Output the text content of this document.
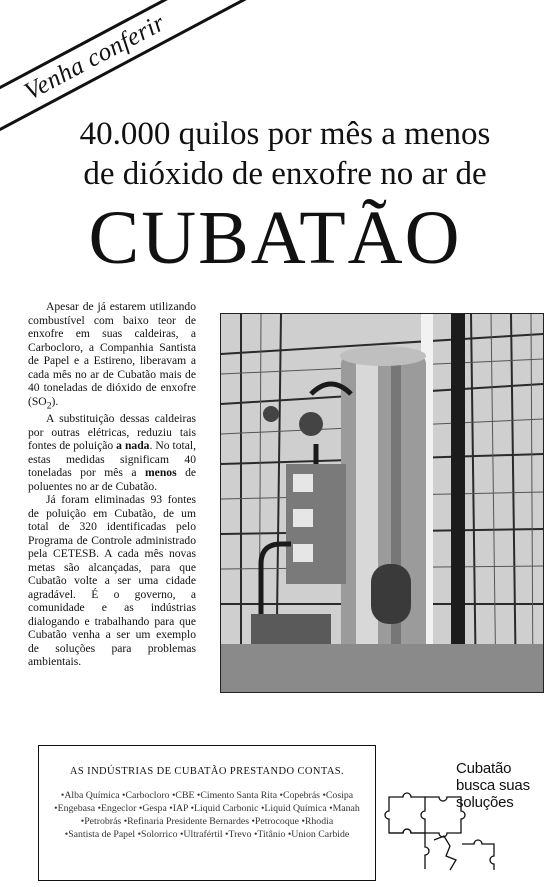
Venha conferir
40.000 quilos por mês a menos
de dióxido de enxofre no ar de
CUBATÃO

Apesar de já estarem utilizando combustível com baixo teor de enxofre em suas caldeiras, a Carbocloro, a Companhia Santista de Papel e a Estireno, liberavam a cada mês no ar de Cubatão mais de 40 toneladas de dióxido de enxofre $(SO_2)$.

A substituição dessas caldeiras por outras elétricas, reduziu tais fontes de poluição a nada. No total, estas medidas significam 40 toneladas por mês a menos de poluentes no ar de Cubatão.

Já foram eliminadas 93 fontes de poluição em Cubatão, de um total de 320 identificadas pelo Programa de Controle administrado pela CETESB. A cada mês novas metas são alcançadas, para que Cubatão volte a ser uma cidade agradável. É o governo, a comunidade e as indústrias dialogando e trabalhando para que Cubatão venha a ser um exemplo de soluções para problemas ambientais.

AS INDÚSTRIAS DE CUBATÃO PRESTANDO CONTAS.
• Alba Química • Carbocloro • CBE • Cimento Santa Rita • Copebrás • Cosipa • Engebasa • Engeclor • Gespa • IAP • Liquid Carbonic • Liquid Química • Manah • Petrobrás • Refinaria Presidente Bernardes • Petrocoque • Rhodia • Santista de Papel • Solorrico • Ultrafértil • Trevo • Titânio • Union Carbide
Cubatão
busca suas
soluções
